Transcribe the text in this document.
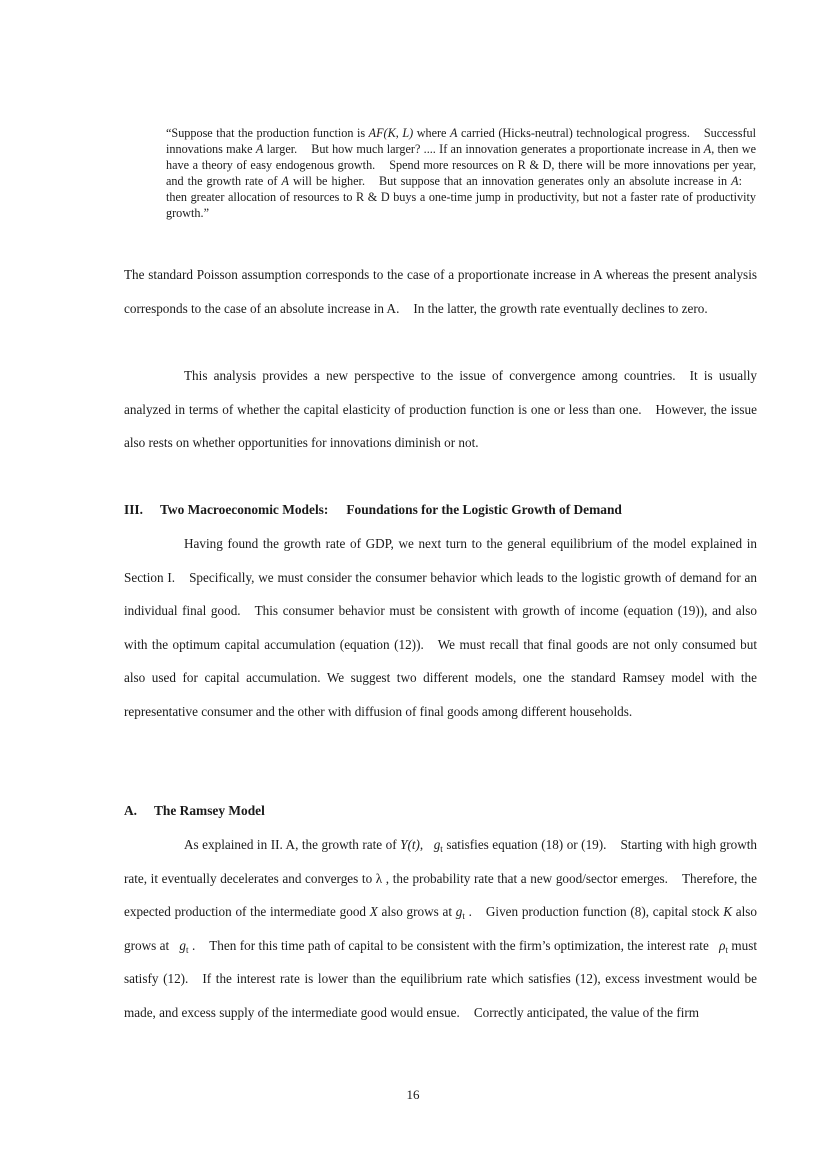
“Suppose that the production function is AF(K, L) where A carried (Hicks-neutral) technological progress. Successful innovations make A larger. But how much larger? .... If an innovation generates a proportionate increase in A, then we have a theory of easy endogenous growth. Spend more resources on R & D, there will be more innovations per year, and the growth rate of A will be higher. But suppose that an innovation generates only an absolute increase in A:then greater allocation of resources to R & D buys a one-time jump in productivity, but not a faster rate of productivity growth.”

The standard Poisson assumption corresponds to the case of a proportionate increase in A whereas the present analysis corresponds to the case of an absolute increase in A. In the latter, the growth rate eventually declines to zero.

This analysis provides a new perspective to the issue of convergence among countries. It is usually analyzed in terms of whether the capital elasticity of production function is one or less than one. However, the issue also rests on whether opportunities for innovations diminish or not.

III. Two Macroeconomic Models: Foundations for the Logistic Growth of Demand

Having found the growth rate of GDP, we next turn to the general equilibrium of the model explained in Section I. Specifically, we must consider the consumer behavior which leads to the logistic growth of demand for an individual final good. This consumer behavior must be consistent with growth of income (equation (19)), and also with the optimum capital accumulation (equation (12)). We must recall that final goods are not only consumed but also used for capital accumulation. We suggest two different models, one the standard Ramsey model with the representative consumer and the other with diffusion of final goods among different households.

A. The Ramsey Model

As explained in II. A, the growth rate of Y(t), $g_t$ satisfies equation (18) or (19). Starting with high growth rate, it eventually decelerates and converges to λ , the probability rate that a new good/sector emerges. Therefore, the expected production of the intermediate good X also grows at $g_t$ . Given production function (8), capital stock K also grows at $g_t$ . Then for this time path of capital to be consistent with the firm’s optimization, the interest rate $\rho_t$ must satisfy (12). If the interest rate is lower than the equilibrium rate which satisfies (12), excess investment would be made, and excess supply of the intermediate good would ensue. Correctly anticipated, the value of the firm

16
